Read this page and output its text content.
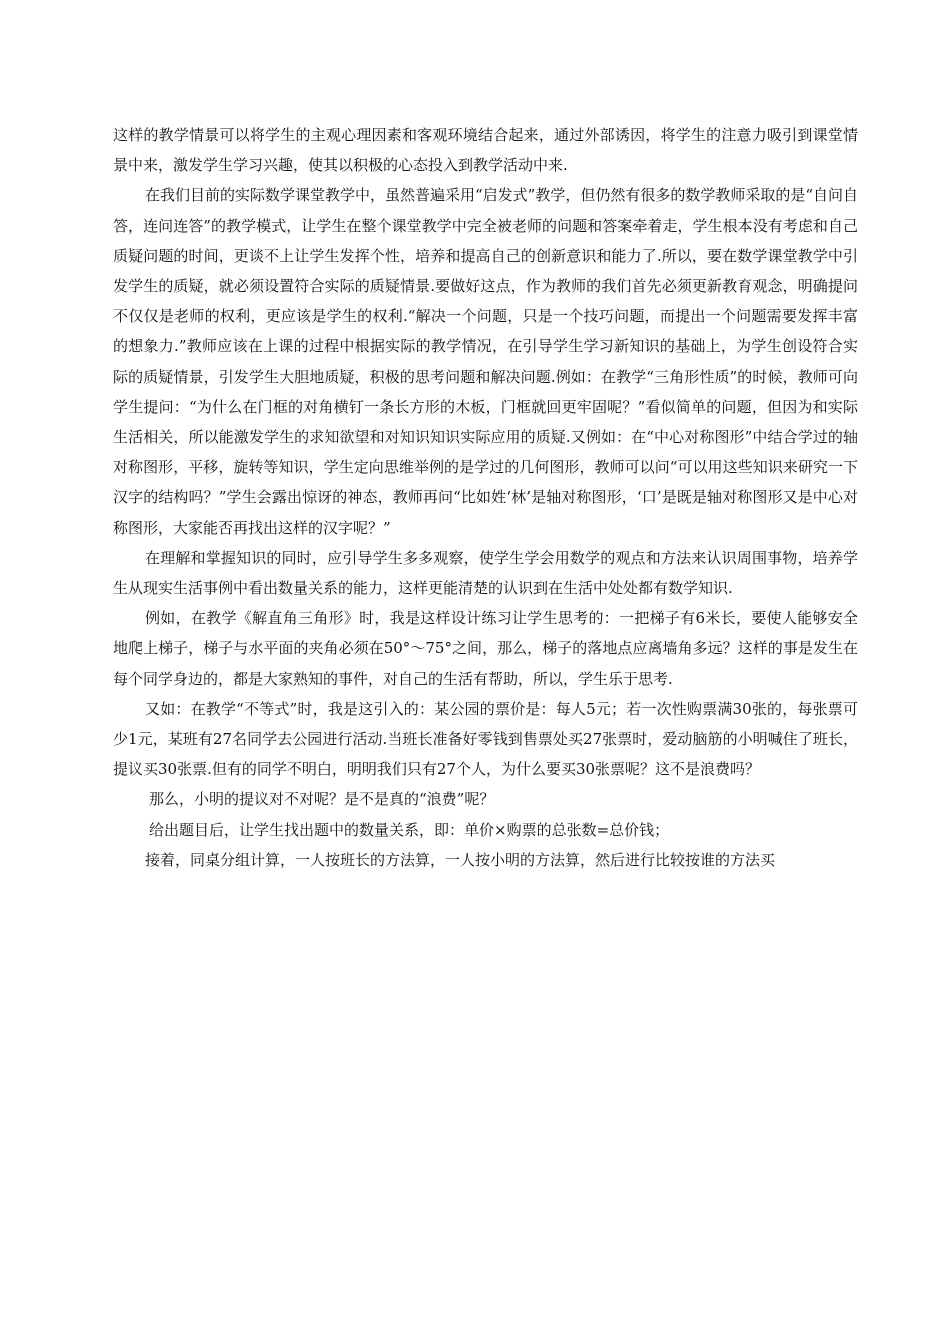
这样的教学情景可以将学生的主观心理因素和客观环境结合起来，通过外部诱因，将学生的注意力吸引到课堂情景中来，激发学生学习兴趣，使其以积极的心态投入到教学活动中来.

在我们目前的实际数学课堂教学中，虽然普遍采用“启发式”教学，但仍然有很多的数学教师采取的是“自问自答，连问连答”的教学模式，让学生在整个课堂教学中完全被老师的问题和答案牵着走，学生根本没有考虑和自己质疑问题的时间，更谈不上让学生发挥个性，培养和提高自己的创新意识和能力了.所以，要在数学课堂教学中引发学生的质疑，就必须设置符合实际的质疑情景.要做好这点，作为教师的我们首先必须更新教育观念，明确提问不仅仅是老师的权利，更应该是学生的权利.“解决一个问题，只是一个技巧问题，而提出一个问题需要发挥丰富的想象力.”教师应该在上课的过程中根据实际的教学情况，在引导学生学习新知识的基础上，为学生创设符合实际的质疑情景，引发学生大胆地质疑，积极的思考问题和解决问题.例如：在教学“三角形性质”的时候，教师可向学生提问：“为什么在门框的对角横钉一条长方形的木板，门框就回更牢固呢？”看似简单的问题，但因为和实际生活相关，所以能激发学生的求知欲望和对知识知识实际应用的质疑.又例如：在“中心对称图形”中结合学过的轴对称图形，平移，旋转等知识，学生定向思维举例的是学过的几何图形，教师可以问“可以用这些知识来研究一下汉字的结构吗？”学生会露出惊讶的神态，教师再问“比如姓‘林’是轴对称图形，‘口’是既是轴对称图形又是中心对称图形，大家能否再找出这样的汉字呢？”

在理解和掌握知识的同时，应引导学生多多观察，使学生学会用数学的观点和方法来认识周围事物，培养学生从现实生活事例中看出数量关系的能力，这样更能清楚的认识到在生活中处处都有数学知识.

例如，在教学《解直角三角形》时，我是这样设计练习让学生思考的：一把梯子有6米长，要使人能够安全地爬上梯子，梯子与水平面的夹角必须在50°～75°之间，那么，梯子的落地点应离墙角多远？这样的事是发生在每个同学身边的，都是大家熟知的事件，对自己的生活有帮助，所以，学生乐于思考.

又如：在教学“不等式”时，我是这引入的：某公园的票价是：每人5元；若一次性购票满30张的，每张票可少1元，某班有27名同学去公园进行活动.当班长准备好零钱到售票处买27张票时，爱动脑筋的小明喊住了班长，提议买30张票.但有的同学不明白，明明我们只有27个人，为什么要买30张票呢？这不是浪费吗？

那么，小明的提议对不对呢？是不是真的“浪费”呢？

给出题目后，让学生找出题中的数量关系，即：单价×购票的总张数=总价钱；

接着，同桌分组计算，一人按班长的方法算，一人按小明的方法算，然后进行比较按谁的方法买
